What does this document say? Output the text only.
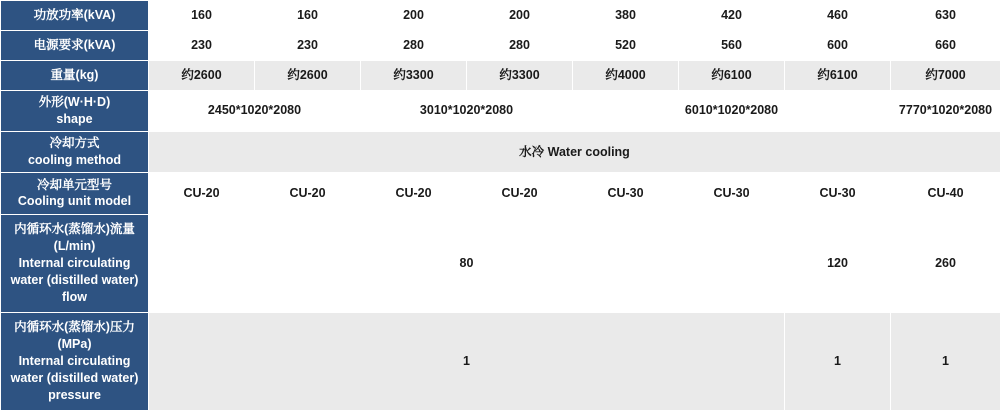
功放功率(kVA)	160	160	200	200	380	420	460	630
电源要求(kVA)	230	230	280	280	520	560	600	660
重量(kg)	约2600	约2600	约3300	约3300	约4000	约6100	约6100	约7000

外形(W·H·D)
shape	2450*1020*2080		3010*1020*2080		6010*1020*2080			7770*1020*2080

冷却方式
cooling method	水冷 Water cooling							

冷却单元型号
Cooling unit model	CU-20	CU-20	CU-20	CU-20	CU-30	CU-30	CU-30	CU-40

内循环水(蒸馏水)流量
(L/min)
Internal circulating
water (distilled water)
flow	80						120	260

内循环水(蒸馏水)压力
(MPa)
Internal circulating
water (distilled water)
pressure	1						1	1
